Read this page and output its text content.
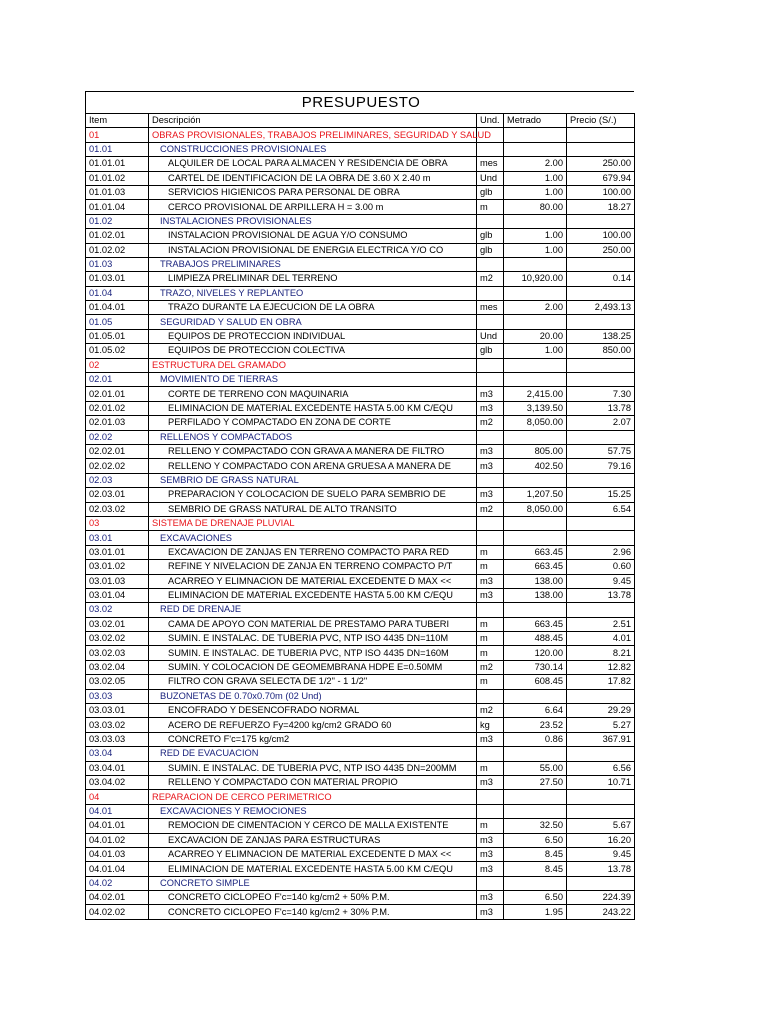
PRESUPUESTO
Item	Descripción	Und.	Metrado	Precio (S/.)
01	OBRAS PROVISIONALES, TRABAJOS PRELIMINARES, SEGURIDAD Y SALUD			
01.01	CONSTRUCCIONES PROVISIONALES			
01.01.01	ALQUILER DE LOCAL PARA ALMACEN Y RESIDENCIA DE OBRA	mes	2.00	250.00
01.01.02	CARTEL DE IDENTIFICACION DE LA OBRA DE 3.60 X 2.40 m	Und	1.00	679.94
01.01.03	SERVICIOS HIGIENICOS PARA PERSONAL DE OBRA	glb	1.00	100.00
01.01.04	CERCO PROVISIONAL DE ARPILLERA H = 3.00 m	m	80.00	18.27
01.02	INSTALACIONES PROVISIONALES			
01.02.01	INSTALACION PROVISIONAL DE AGUA Y/O CONSUMO	glb	1.00	100.00
01.02.02	INSTALACION PROVISIONAL DE ENERGIA ELECTRICA Y/O CO	glb	1.00	250.00
01.03	TRABAJOS PRELIMINARES			
01.03.01	LIMPIEZA PRELIMINAR DEL TERRENO	m2	10,920.00	0.14
01.04	TRAZO, NIVELES Y REPLANTEO			
01.04.01	TRAZO DURANTE LA EJECUCION DE LA OBRA	mes	2.00	2,493.13
01.05	SEGURIDAD Y SALUD EN OBRA			
01.05.01	EQUIPOS DE PROTECCION INDIVIDUAL	Und	20.00	138.25
01.05.02	EQUIPOS DE PROTECCION COLECTIVA	glb	1.00	850.00
02	ESTRUCTURA DEL GRAMADO			
02.01	MOVIMIENTO DE TIERRAS			
02.01.01	CORTE DE TERRENO CON MAQUINARIA	m3	2,415.00	7.30
02.01.02	ELIMINACION DE MATERIAL EXCEDENTE HASTA 5.00 KM C/EQU	m3	3,139.50	13.78
02.01.03	PERFILADO Y COMPACTADO EN ZONA DE CORTE	m2	8,050.00	2.07
02.02	RELLENOS Y COMPACTADOS			
02.02.01	RELLENO Y COMPACTADO CON GRAVA A MANERA DE FILTRO	m3	805.00	57.75
02.02.02	RELLENO Y COMPACTADO CON ARENA GRUESA A MANERA DE	m3	402.50	79.16
02.03	SEMBRIO DE GRASS NATURAL			
02.03.01	PREPARACION Y COLOCACION DE SUELO PARA SEMBRIO DE	m3	1,207.50	15.25
02.03.02	SEMBRIO DE GRASS NATURAL DE ALTO TRANSITO	m2	8,050.00	6.54
03	SISTEMA DE DRENAJE PLUVIAL			
03.01	EXCAVACIONES			
03.01.01	EXCAVACION DE ZANJAS EN TERRENO COMPACTO PARA RED	m	663.45	2.96
03.01.02	REFINE Y NIVELACION DE ZANJA EN TERRENO COMPACTO P/T	m	663.45	0.60
03.01.03	ACARREO Y ELIMNACION DE MATERIAL EXCEDENTE D MAX <<	m3	138.00	9.45
03.01.04	ELIMINACION DE MATERIAL EXCEDENTE HASTA 5.00 KM C/EQU	m3	138.00	13.78
03.02	RED DE DRENAJE			
03.02.01	CAMA DE APOYO CON MATERIAL DE PRESTAMO PARA TUBERI	m	663.45	2.51
03.02.02	SUMIN. E INSTALAC. DE TUBERIA PVC, NTP ISO 4435 DN=110M	m	488.45	4.01
03.02.03	SUMIN. E INSTALAC. DE TUBERIA PVC, NTP ISO 4435 DN=160M	m	120.00	8.21
03.02.04	SUMIN. Y COLOCACION DE GEOMEMBRANA HDPE E=0.50MM	m2	730.14	12.82
03.02.05	FILTRO CON GRAVA SELECTA DE 1/2" - 1 1/2"	m	608.45	17.82
03.03	BUZONETAS DE 0.70x0.70m (02 Und)			
03.03.01	ENCOFRADO Y DESENCOFRADO NORMAL	m2	6.64	29.29
03.03.02	ACERO DE REFUERZO Fy=4200 kg/cm2 GRADO 60	kg	23.52	5.27
03.03.03	CONCRETO F'c=175 kg/cm2	m3	0.86	367.91
03.04	RED DE EVACUACION			
03.04.01	SUMIN. E INSTALAC. DE TUBERIA PVC, NTP ISO 4435 DN=200MM	m	55.00	6.56
03.04.02	RELLENO Y COMPACTADO CON MATERIAL PROPIO	m3	27.50	10.71
04	REPARACION DE CERCO PERIMETRICO			
04.01	EXCAVACIONES Y REMOCIONES			
04.01.01	REMOCION DE CIMENTACION Y CERCO DE MALLA EXISTENTE	m	32.50	5.67
04.01.02	EXCAVACION DE ZANJAS PARA ESTRUCTURAS	m3	6.50	16.20
04.01.03	ACARREO Y ELIMNACION DE MATERIAL EXCEDENTE D MAX <<	m3	8.45	9.45
04.01.04	ELIMINACION DE MATERIAL EXCEDENTE HASTA 5.00 KM C/EQU	m3	8.45	13.78
04.02	CONCRETO SIMPLE			
04.02.01	CONCRETO CICLOPEO F'c=140 kg/cm2 + 50% P.M.	m3	6.50	224.39
04.02.02	CONCRETO CICLOPEO F'c=140 kg/cm2 + 30% P.M.	m3	1.95	243.22
